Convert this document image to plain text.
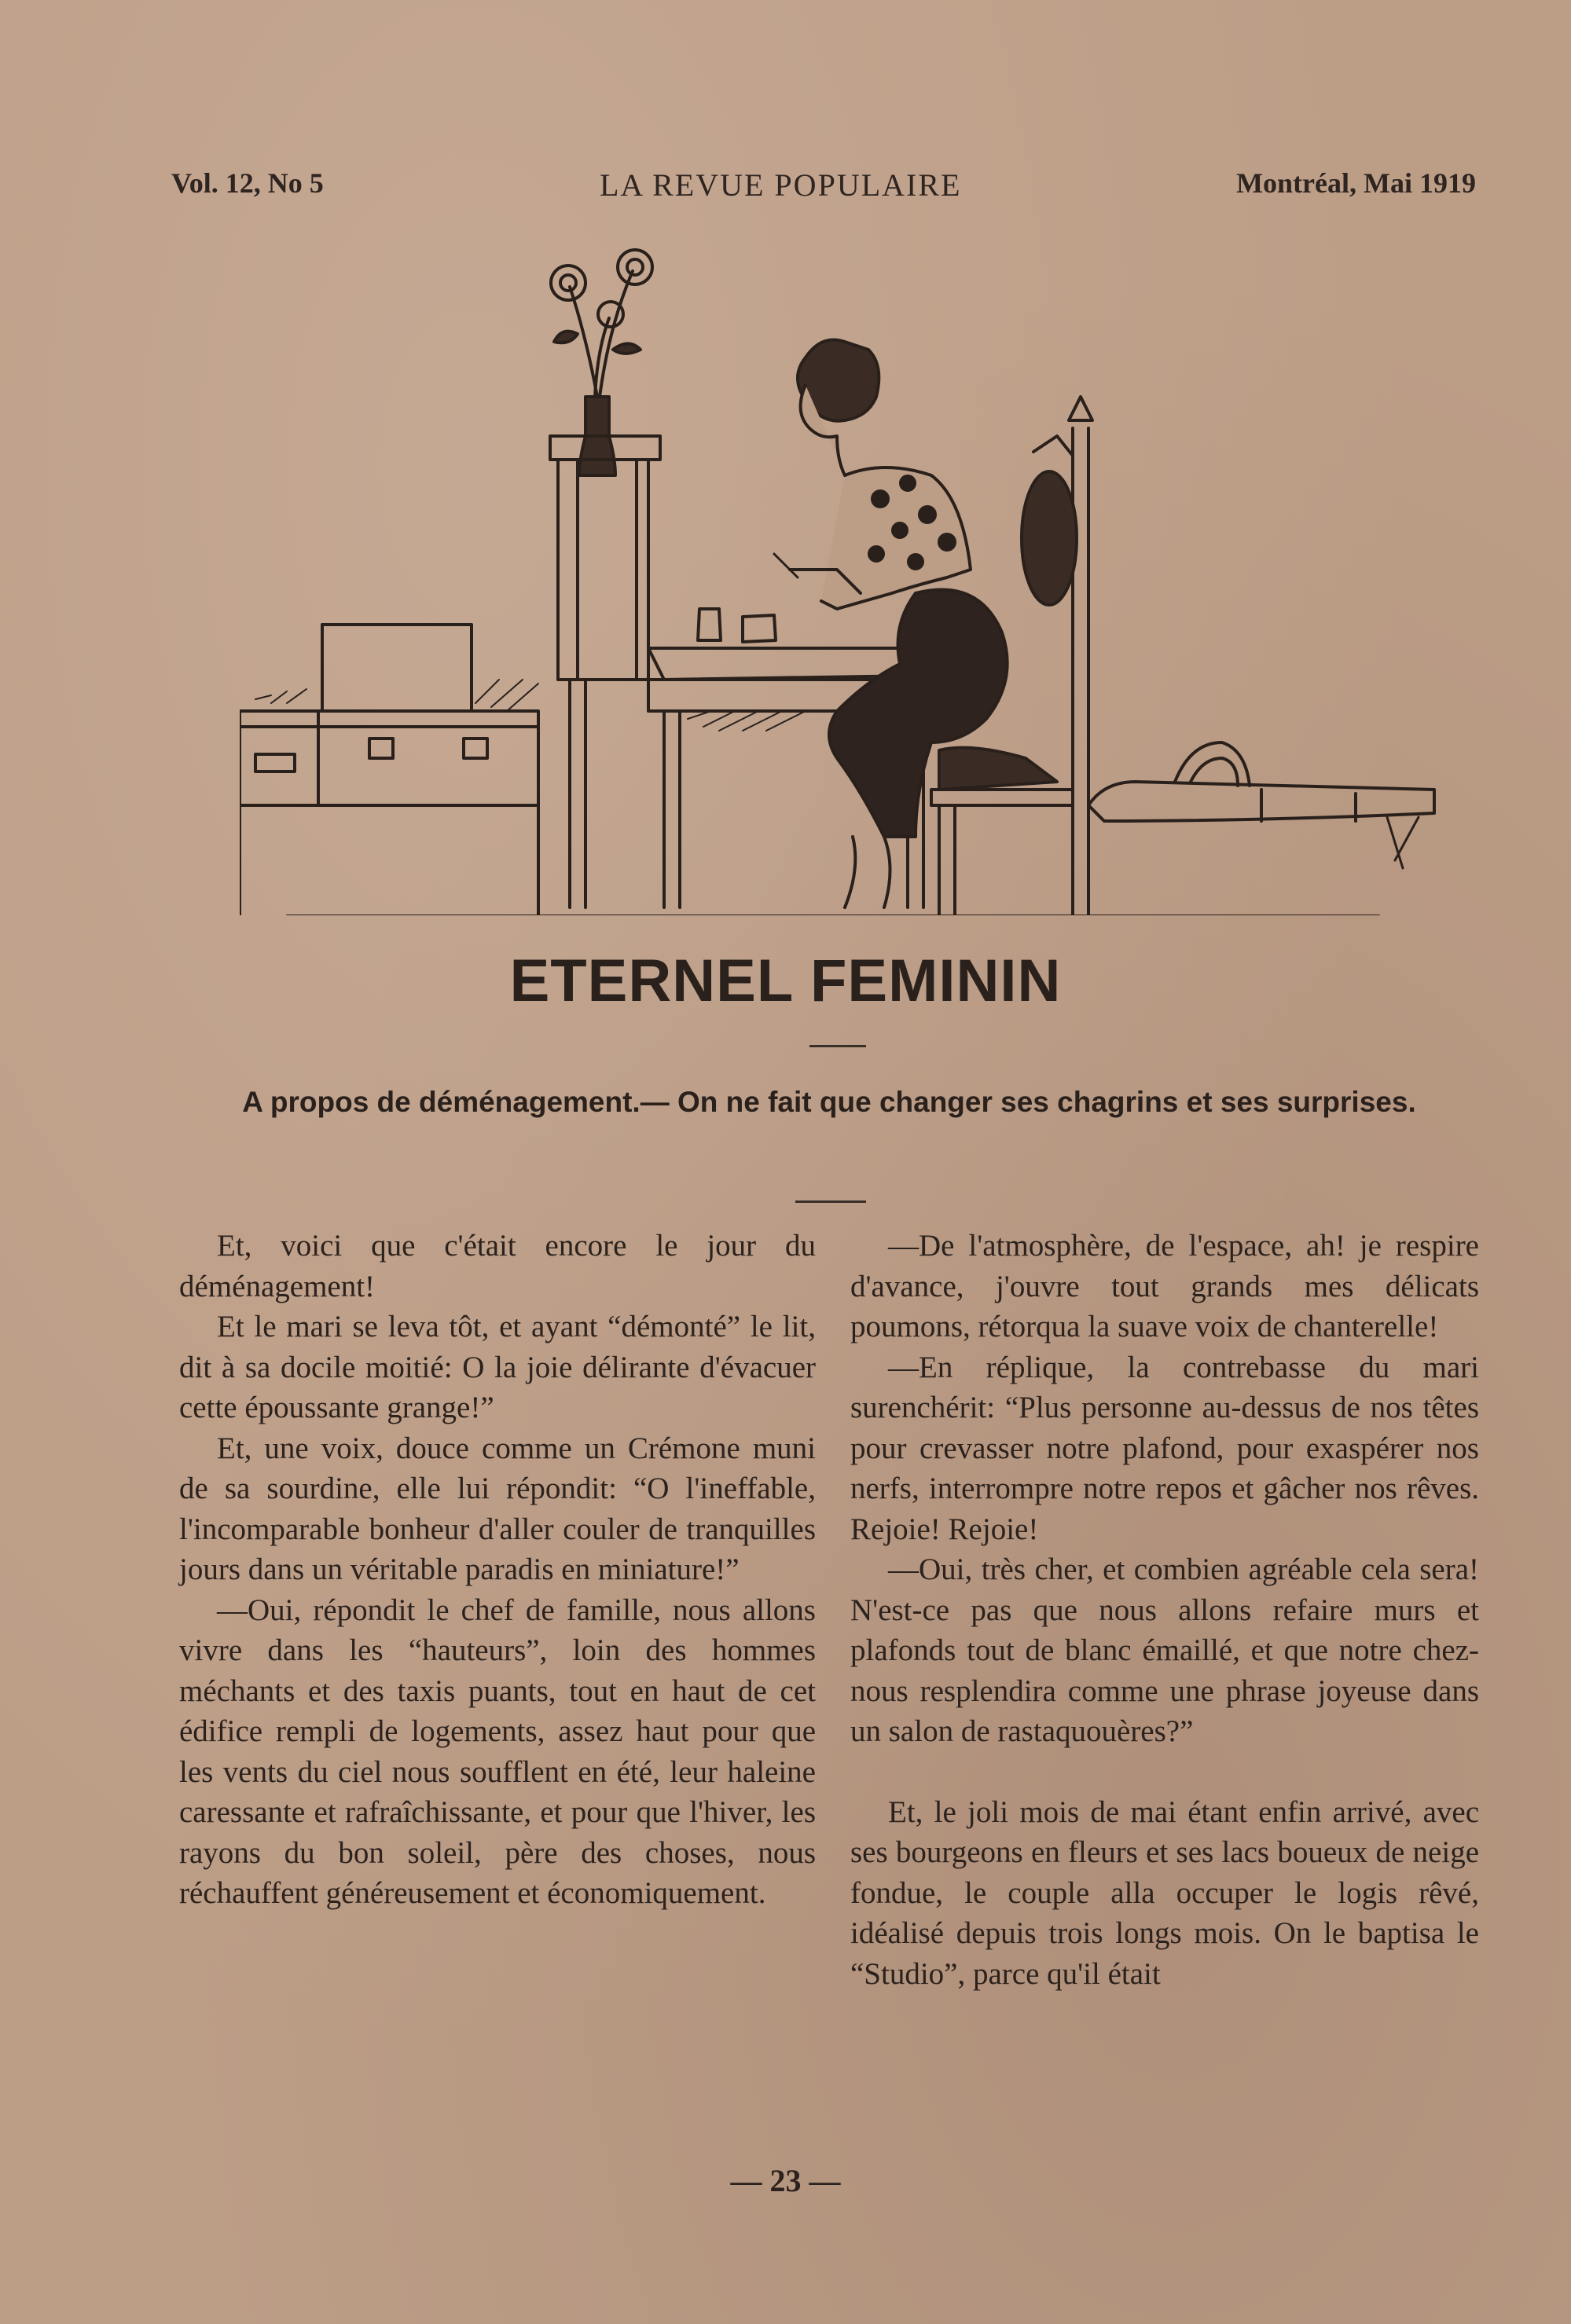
Vol. 12, No 5	LA REVUE POPULAIRE	Montréal, Mai 1919
ETERNEL FEMININ
A propos de déménagement.— On ne fait que changer ses chagrins et ses surprises.

Et, voici que c'était encore le jour du déménagement!

Et le mari se leva tôt, et ayant “démonté” le lit, dit à sa docile moitié: O la joie délirante d'évacuer cette époussante grange!”

Et, une voix, douce comme un Crémone muni de sa sourdine, elle lui répondit: “O l'ineffable, l'incomparable bonheur d'aller couler de tranquilles jours dans un véritable paradis en miniature!”

—Oui, répondit le chef de famille, nous allons vivre dans les “hauteurs”, loin des hommes méchants et des taxis puants, tout en haut de cet édifice rempli de logements, assez haut pour que les vents du ciel nous soufflent en été, leur haleine caressante et rafraîchissante, et pour que l'hiver, les rayons du bon soleil, père des choses, nous réchauffent généreusement et économiquement.

—De l'atmosphère, de l'espace, ah! je respire d'avance, j'ouvre tout grands mes délicats poumons, rétorqua la suave voix de chanterelle!

—En réplique, la contrebasse du mari surenchérit: “Plus personne au-dessus de nos têtes pour crevasser notre plafond, pour exaspérer nos nerfs, interrompre notre repos et gâcher nos rêves. Rejoie! Rejoie!

—Oui, très cher, et combien agréable cela sera! N'est-ce pas que nous allons refaire murs et plafonds tout de blanc émaillé, et que notre chez-nous resplendira comme une phrase joyeuse dans un salon de rastaquouères?”

Et, le joli mois de mai étant enfin arrivé, avec ses bourgeons en fleurs et ses lacs boueux de neige fondue, le couple alla occuper le logis rêvé, idéalisé depuis trois longs mois. On le baptisa le “Studio”, parce qu'il était

— 23 —
